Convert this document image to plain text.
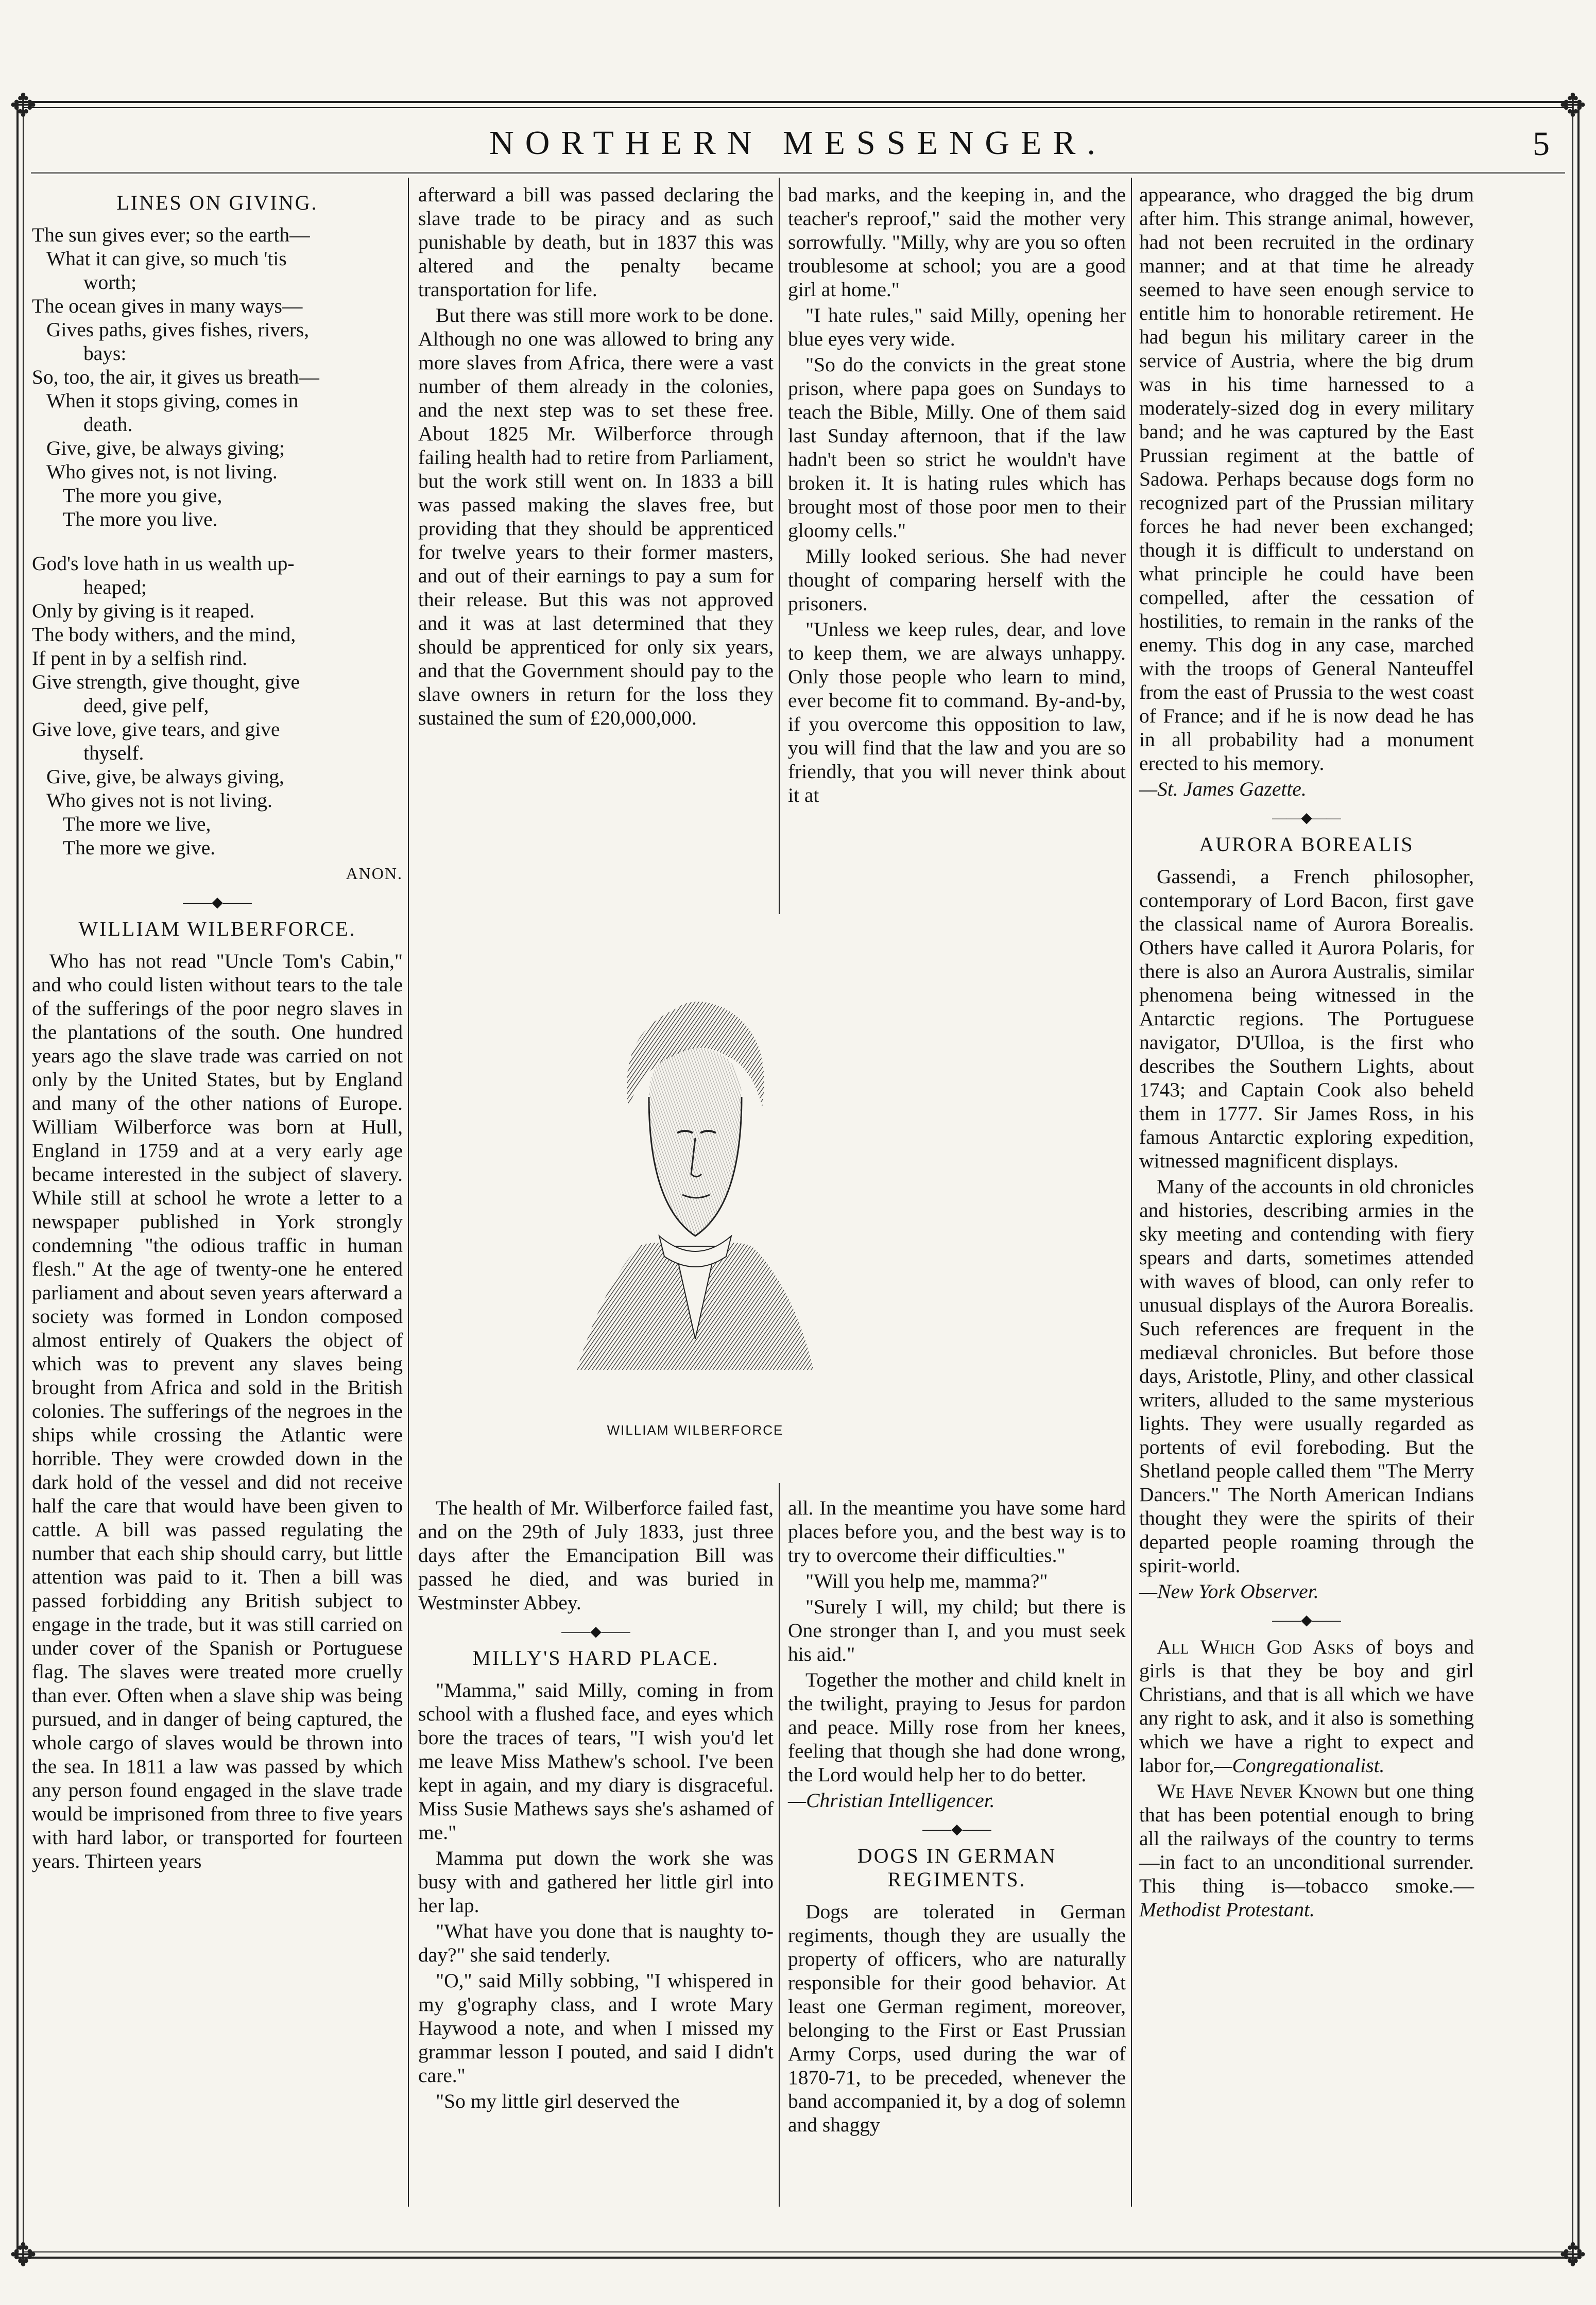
✥	✥
✥	✥
NORTHERN MESSENGER.	5
LINES ON GIVING.

The sun gives ever; so the earth—
What it can give, so much 'tis
worth;
The ocean gives in many ways—
Gives paths, gives fishes, rivers,
bays:
So, too, the air, it gives us breath—
When it stops giving, comes in
death.
Give, give, be always giving;
Who gives not, is not living.
The more you give,
The more you live.
God's love hath in us wealth up-
heaped;
Only by giving is it reaped.
The body withers, and the mind,
If pent in by a selfish rind.
Give strength, give thought, give
deed, give pelf,
Give love, give tears, and give
thyself.
Give, give, be always giving,
Who gives not is not living.
The more we live,
The more we give.

ANON.
——◆——
WILLIAM WILBERFORCE.

Who has not read "Uncle Tom's Cabin," and who could listen without tears to the tale of the sufferings of the poor negro slaves in the plantations of the south. One hundred years ago the slave trade was carried on not only by the United States, but by England and many of the other nations of Europe. William Wilberforce was born at Hull, England in 1759 and at a very early age became interested in the subject of slavery. While still at school he wrote a letter to a newspaper published in York strongly condemning "the odious traffic in human flesh." At the age of twenty-one he entered parliament and about seven years afterward a society was formed in London composed almost entirely of Quakers the object of which was to prevent any slaves being brought from Africa and sold in the British colonies. The sufferings of the negroes in the ships while crossing the Atlantic were horrible. They were crowded down in the dark hold of the vessel and did not receive half the care that would have been given to cattle. A bill was passed regulating the number that each ship should carry, but little attention was paid to it. Then a bill was passed forbidding any British subject to engage in the trade, but it was still carried on under cover of the Spanish or Portuguese flag. The slaves were treated more cruelly than ever. Often when a slave ship was being pursued, and in danger of being captured, the whole cargo of slaves would be thrown into the sea. In 1811 a law was passed by which any person found engaged in the slave trade would be imprisoned from three to five years with hard labor, or transported for fourteen years. Thirteen years

afterward a bill was passed declaring the slave trade to be piracy and as such punishable by death, but in 1837 this was altered and the penalty became transportation for life.

But there was still more work to be done. Although no one was allowed to bring any more slaves from Africa, there were a vast number of them already in the colonies, and the next step was to set these free. About 1825 Mr. Wilberforce through failing health had to retire from Parliament, but the work still went on. In 1833 a bill was passed making the slaves free, but providing that they should be apprenticed for twelve years to their former masters, and out of their earnings to pay a sum for their release. But this was not approved and it was at last determined that they should be apprenticed for only six years, and that the Government should pay to the slave owners in return for the loss they sustained the sum of £20,000,000.

bad marks, and the keeping in, and the teacher's reproof," said the mother very sorrowfully. "Milly, why are you so often troublesome at school; you are a good girl at home."

"I hate rules," said Milly, opening her blue eyes very wide.

"So do the convicts in the great stone prison, where papa goes on Sundays to teach the Bible, Milly. One of them said last Sunday afternoon, that if the law hadn't been so strict he wouldn't have broken it. It is hating rules which has brought most of those poor men to their gloomy cells."

Milly looked serious. She had never thought of comparing herself with the prisoners.

"Unless we keep rules, dear, and love to keep them, we are always unhappy. Only those people who learn to mind, ever become fit to command. By-and-by, if you overcome this opposition to law, you will find that the law and you are so friendly, that you will never think about it at

WILLIAM WILBERFORCE

The health of Mr. Wilberforce failed fast, and on the 29th of July 1833, just three days after the Emancipation Bill was passed he died, and was buried in Westminster Abbey.

——◆——
MILLY'S HARD PLACE.

"Mamma," said Milly, coming in from school with a flushed face, and eyes which bore the traces of tears, "I wish you'd let me leave Miss Mathew's school. I've been kept in again, and my diary is disgraceful. Miss Susie Mathews says she's ashamed of me."

Mamma put down the work she was busy with and gathered her little girl into her lap.

"What have you done that is naughty to-day?" she said tenderly.

"O," said Milly sobbing, "I whispered in my g'ography class, and I wrote Mary Haywood a note, and when I missed my grammar lesson I pouted, and said I didn't care."

"So my little girl deserved the

all. In the meantime you have some hard places before you, and the best way is to try to overcome their difficulties."

"Will you help me, mamma?"

"Surely I will, my child; but there is One stronger than I, and you must seek his aid."

Together the mother and child knelt in the twilight, praying to Jesus for pardon and peace. Milly rose from her knees, feeling that though she had done wrong, the Lord would help her to do better.

—Christian Intelligencer.

——◆——
DOGS IN GERMAN REGIMENTS.

Dogs are tolerated in German regiments, though they are usually the property of officers, who are naturally responsible for their good behavior. At least one German regiment, moreover, belonging to the First or East Prussian Army Corps, used during the war of 1870-71, to be preceded, whenever the band accompanied it, by a dog of solemn and shaggy

appearance, who dragged the big drum after him. This strange animal, however, had not been recruited in the ordinary manner; and at that time he already seemed to have seen enough service to entitle him to honorable retirement. He had begun his military career in the service of Austria, where the big drum was in his time harnessed to a moderately-sized dog in every military band; and he was captured by the East Prussian regiment at the battle of Sadowa. Perhaps because dogs form no recognized part of the Prussian military forces he had never been exchanged; though it is difficult to understand on what principle he could have been compelled, after the cessation of hostilities, to remain in the ranks of the enemy. This dog in any case, marched with the troops of General Nanteuffel from the east of Prussia to the west coast of France; and if he is now dead he has in all probability had a monument erected to his memory.

—St. James Gazette.

——◆——
AURORA BOREALIS

Gassendi, a French philosopher, contemporary of Lord Bacon, first gave the classical name of Aurora Borealis. Others have called it Aurora Polaris, for there is also an Aurora Australis, similar phenomena being witnessed in the Antarctic regions. The Portuguese navigator, D'Ulloa, is the first who describes the Southern Lights, about 1743; and Captain Cook also beheld them in 1777. Sir James Ross, in his famous Antarctic exploring expedition, witnessed magnificent displays.

Many of the accounts in old chronicles and histories, describing armies in the sky meeting and contending with fiery spears and darts, sometimes attended with waves of blood, can only refer to unusual displays of the Aurora Borealis. Such references are frequent in the mediæval chronicles. But before those days, Aristotle, Pliny, and other classical writers, alluded to the same mysterious lights. They were usually regarded as portents of evil foreboding. But the Shetland people called them "The Merry Dancers." The North American Indians thought they were the spirits of their departed people roaming through the spirit-world.

—New York Observer.

——◆——

All Which God Asks of boys and girls is that they be boy and girl Christians, and that is all which we have any right to ask, and it also is something which we have a right to expect and labor for,—Congregationalist.

We Have Never Known but one thing that has been potential enough to bring all the railways of the country to terms—in fact to an unconditional surrender. This thing is—tobacco smoke.—Methodist Protestant.
